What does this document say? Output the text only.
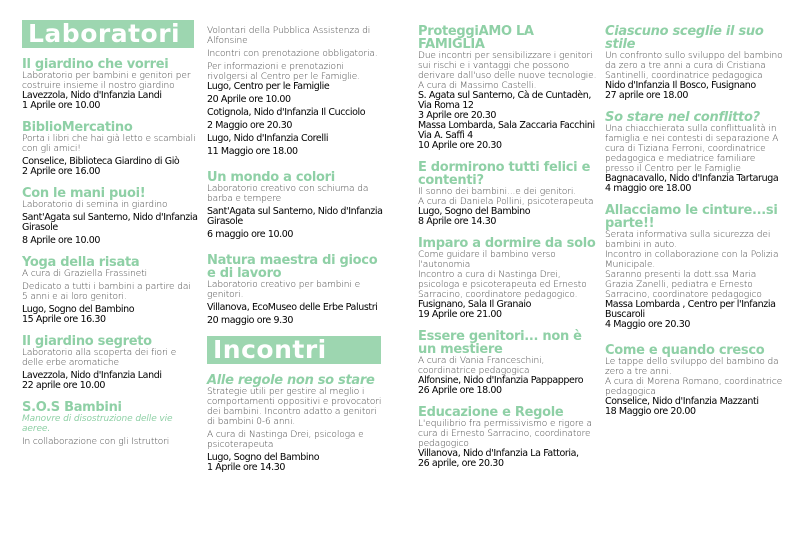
Laboratori
Il giardino che vorrei
Laboratorio per bambini e genitori per costruire insieme il nostro giardino
Lavezzola, Nido d'Infanzia Landi
1 Aprile ore 10.00
BiblioMercatino
Porta i libri che hai già letto e scambiali con gli amici!
Conselice, Biblioteca Giardino di Giò
2 Aprile ore 16.00
Con le mani puoi!
Laboratorio di semina in giardino
Sant'Agata sul Santerno, Nido d'Infanzia Girasole
8 Aprile ore 10.00
Yoga della risata
A cura di Graziella Frassineti
Dedicato a tutti i bambini a partire dai 5 anni e ai loro genitori.
Lugo, Sogno del Bambino
15 Aprile ore 16.30
Il giardino segreto
Laboratorio alla scoperta dei fiori e delle erbe aromatiche
Lavezzola, Nido d'Infanzia Landi
22 aprile ore 10.00
S.O.S Bambini
Manovre di disostruzione delle vie aeree.
In collaborazione con gli Istruttori
Volontari della Pubblica Assistenza di Alfonsine
Incontri con prenotazione obbligatoria.
Per informazioni e prenotazioni rivolgersi al Centro per le Famiglie.
Lugo, Centro per le Famiglie
20 Aprile ore 10.00
Cotignola, Nido d'Infanzia Il Cucciolo
2 Maggio ore 20.30
Lugo, Nido d'Infanzia Corelli
11 Maggio ore 18.00
Un mondo a colori
Laboratorio creativo con schiuma da barba e tempere
Sant'Agata sul Santerno, Nido d'Infanzia Girasole
6 maggio ore 10.00
Natura maestra di gioco e di lavoro
Laboratorio creativo per bambini e genitori.
Villanova, EcoMuseo delle Erbe Palustri
20 maggio ore 9.30
Incontri
Alle regole non so stare
Strategie utili per gestire al meglio i comportamenti oppositivi e provocatori dei bambini. Incontro adatto a genitori di bambini 0-6 anni.
A cura di Nastinga Drei, psicologa e psicoterapeuta
Lugo, Sogno del Bambino
1 Aprile ore 14.30
ProteggiAMO LA FAMIGLIA
Due incontri per sensibilizzare i genitori sui rischi e i vantaggi che possono derivare dall'uso delle nuove tecnologie. A cura di Massimo Castelli.
S. Agata sul Santerno, Cà de Cuntadèn, Via Roma 12
3 Aprile ore 20.30
Massa Lombarda, Sala Zaccaria Facchini Via A. Saffi 4
10 Aprile ore 20.30
E dormirono tutti felici e contenti?
Il sonno dei bambini...e dei genitori.
A cura di Daniela Pollini, psicoterapeuta
Lugo, Sogno del Bambino
8 Aprile ore 14.30
Imparo a dormire da solo
Come guidare il bambino verso l'autonomia
Incontro a cura di Nastinga Drei, psicologa e psicoterapeuta ed Ernesto Sarracino, coordinatore pedagogico.
Fusignano, Sala Il Granaio
19 Aprile ore 21.00
Essere genitori... non è un mestiere
A cura di Vania Franceschini, coordinatrice pedagogica
Alfonsine, Nido d'Infanzia Pappappero
26 Aprile ore 18.00
Educazione e Regole
L'equilibrio fra permissivismo e rigore a cura di Ernesto Sarracino, coordinatore pedagogico
Villanova, Nido d'Infanzia La Fattoria,
26 aprile, ore 20.30
Ciascuno sceglie il suo stile
Un confronto sullo sviluppo del bambino da zero a tre anni a cura di Cristiana Santinelli, coordinatrice pedagogica
Nido d'Infanzia Il Bosco, Fusignano
27 aprile ore 18.00
So stare nel conflitto?
Una chiacchierata sulla conflittualità in famiglia e nei contesti di separazione A cura di Tiziana Ferroni, coordinatrice pedagogica e mediatrice familiare presso il Centro per le Famiglie
Bagnacavallo, Nido d'Infanzia Tartaruga
4 maggio ore 18.00
Allacciamo le cinture...si parte!!
Serata informativa sulla sicurezza dei bambini in auto.
Incontro in collaborazione con la Polizia Municipale.
Saranno presenti la dott.ssa Maria Grazia Zanelli, pediatra e Ernesto Sarracino, coordinatore pedagogico
Massa Lombarda , Centro per l'Infanzia Buscaroli
4 Maggio ore 20.30
Come e quando cresco
Le tappe dello sviluppo del bambino da zero a tre anni.
A cura di Morena Romano, coordinatrice pedagogica
Conselice, Nido d'Infanzia Mazzanti
18 Maggio ore 20.00
